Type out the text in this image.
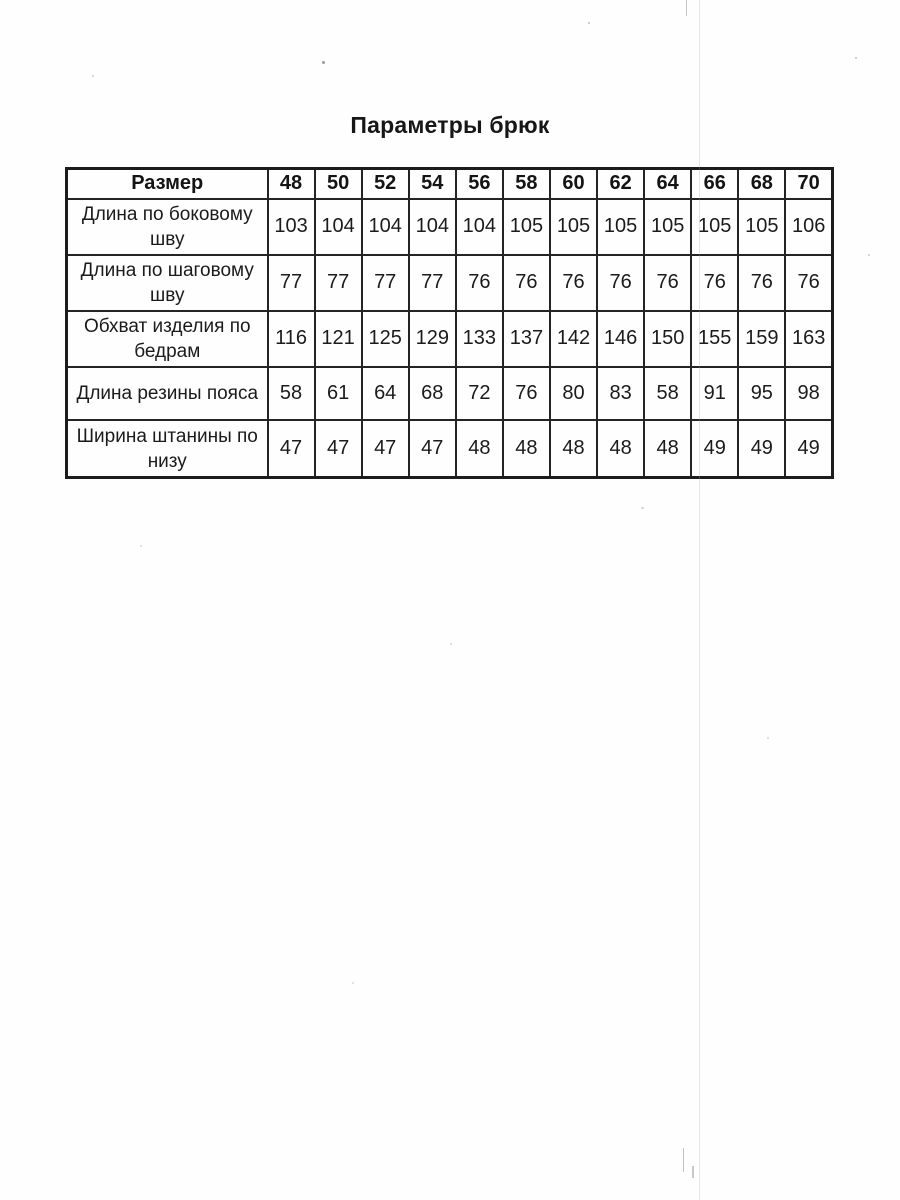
Параметры брюк
Размер	48	50	52	54	56	58	60	62	64	66	68	70
Длина по боковому шву	103	104	104	104	104	105	105	105	105	105	105	106
Длина по шаговому шву	77	77	77	77	76	76	76	76	76	76	76	76
Обхват изделия по бедрам	116	121	125	129	133	137	142	146	150	155	159	163
Длина резины пояса	58	61	64	68	72	76	80	83	58	91	95	98
Ширина штанины по низу	47	47	47	47	48	48	48	48	48	49	49	49
